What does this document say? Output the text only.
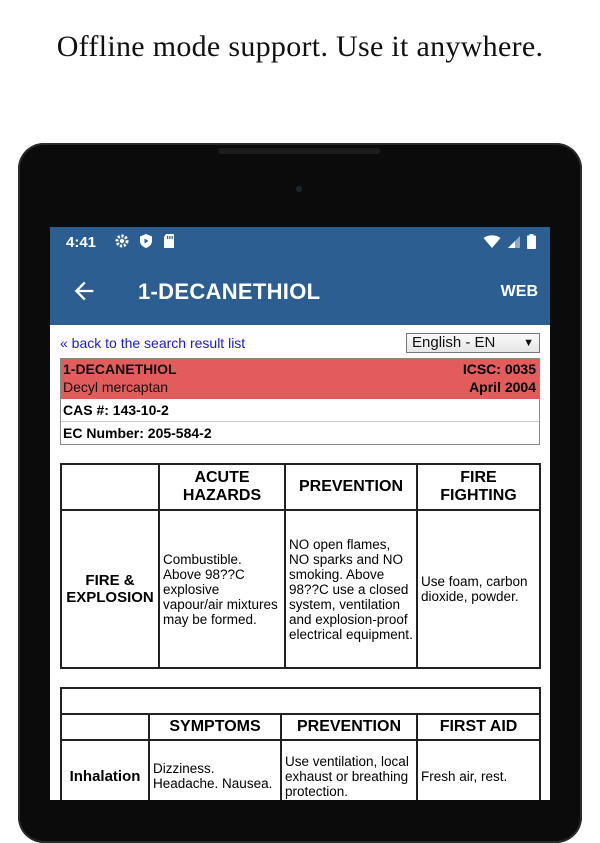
Offline mode support. Use it anywhere.
4:41
1-DECANETHIOL	WEB
« back to the search result list	English - EN	▼
1-DECANETHIOL
Decyl mercaptan
ICSC: 0035
April 2004
CAS #: 143-10-2
EC Number: 205-584-2
	ACUTE HAZARDS	PREVENTION	FIRE FIGHTING
FIRE & EXPLOSION	Combustible. Above 98??C explosive vapour/air mixtures may be formed.	NO open flames, NO sparks and NO smoking. Above 98??C use a closed system, ventilation and explosion-proof electrical equipment.	Use foam, carbon dioxide, powder.

	SYMPTOMS	PREVENTION	FIRST AID
Inhalation	Dizziness. Headache. Nausea.	Use ventilation, local exhaust or breathing protection.	Fresh air, rest.
